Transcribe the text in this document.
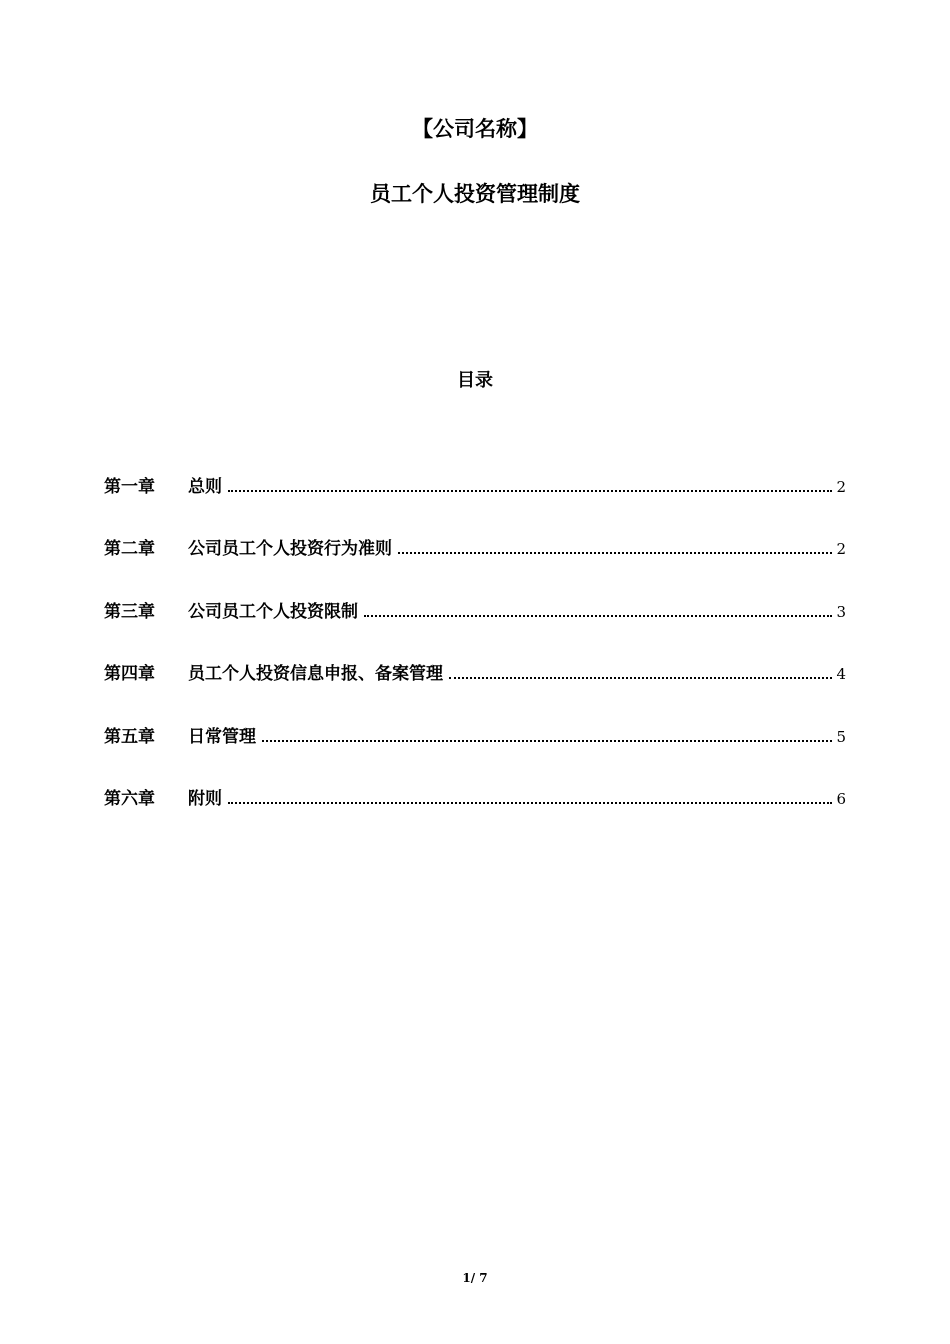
【公司名称】
员工个人投资管理制度
目录
第一章	总则	2
第二章	公司员工个人投资行为准则	2
第三章	公司员工个人投资限制	3
第四章	员工个人投资信息申报、备案管理	4
第五章	日常管理	5
第六章	附则	6
1/ 7
